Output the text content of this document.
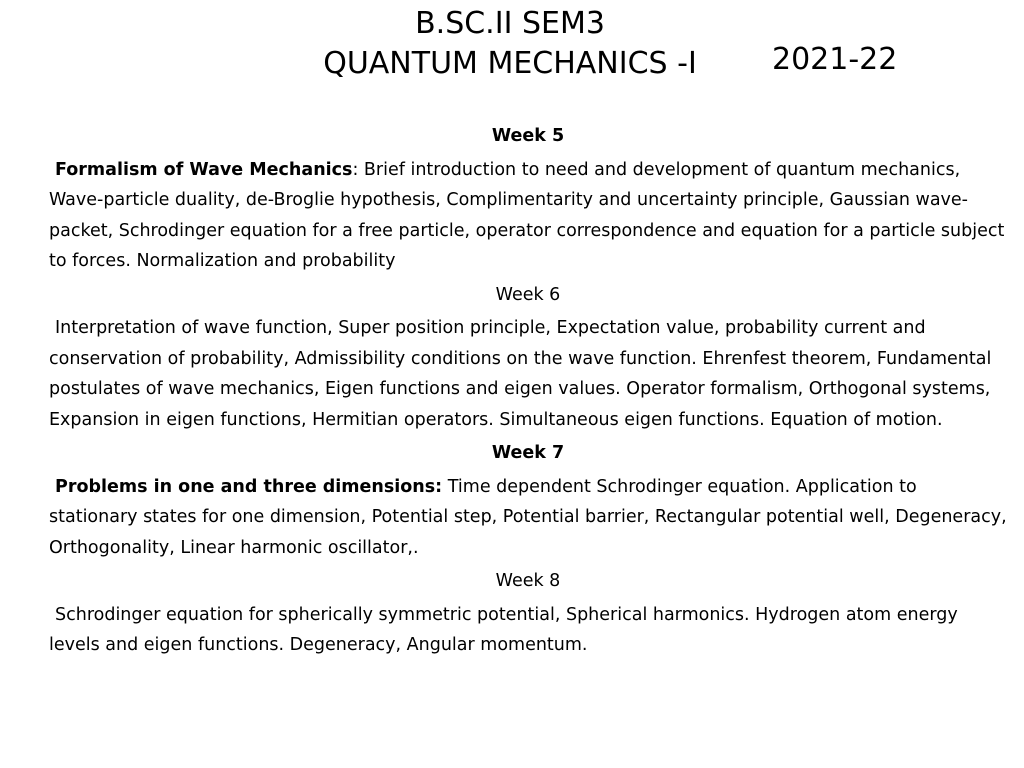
B.SC.II SEM3
QUANTUM MECHANICS -I	2021-22
Week 5

Formalism of Wave Mechanics: Brief introduction to need and development of quantum mechanics, Wave-particle duality, de-Broglie hypothesis, Complimentarity and uncertainty principle, Gaussian wave-packet, Schrodinger equation for a free particle, operator correspondence and equation for a particle subject to forces. Normalization and probability

Week 6

Interpretation of wave function, Super position principle, Expectation value, probability current and conservation of probability, Admissibility conditions on the wave function. Ehrenfest theorem, Fundamental postulates of wave mechanics, Eigen functions and eigen values. Operator formalism, Orthogonal systems, Expansion in eigen functions, Hermitian operators. Simultaneous eigen functions. Equation of motion.

Week 7

Problems in one and three dimensions: Time dependent Schrodinger equation. Application to stationary states for one dimension, Potential step, Potential barrier, Rectangular potential well, Degeneracy, Orthogonality, Linear harmonic oscillator,.

Week 8

Schrodinger equation for spherically symmetric potential, Spherical harmonics. Hydrogen atom energy levels and eigen functions. Degeneracy, Angular momentum.
